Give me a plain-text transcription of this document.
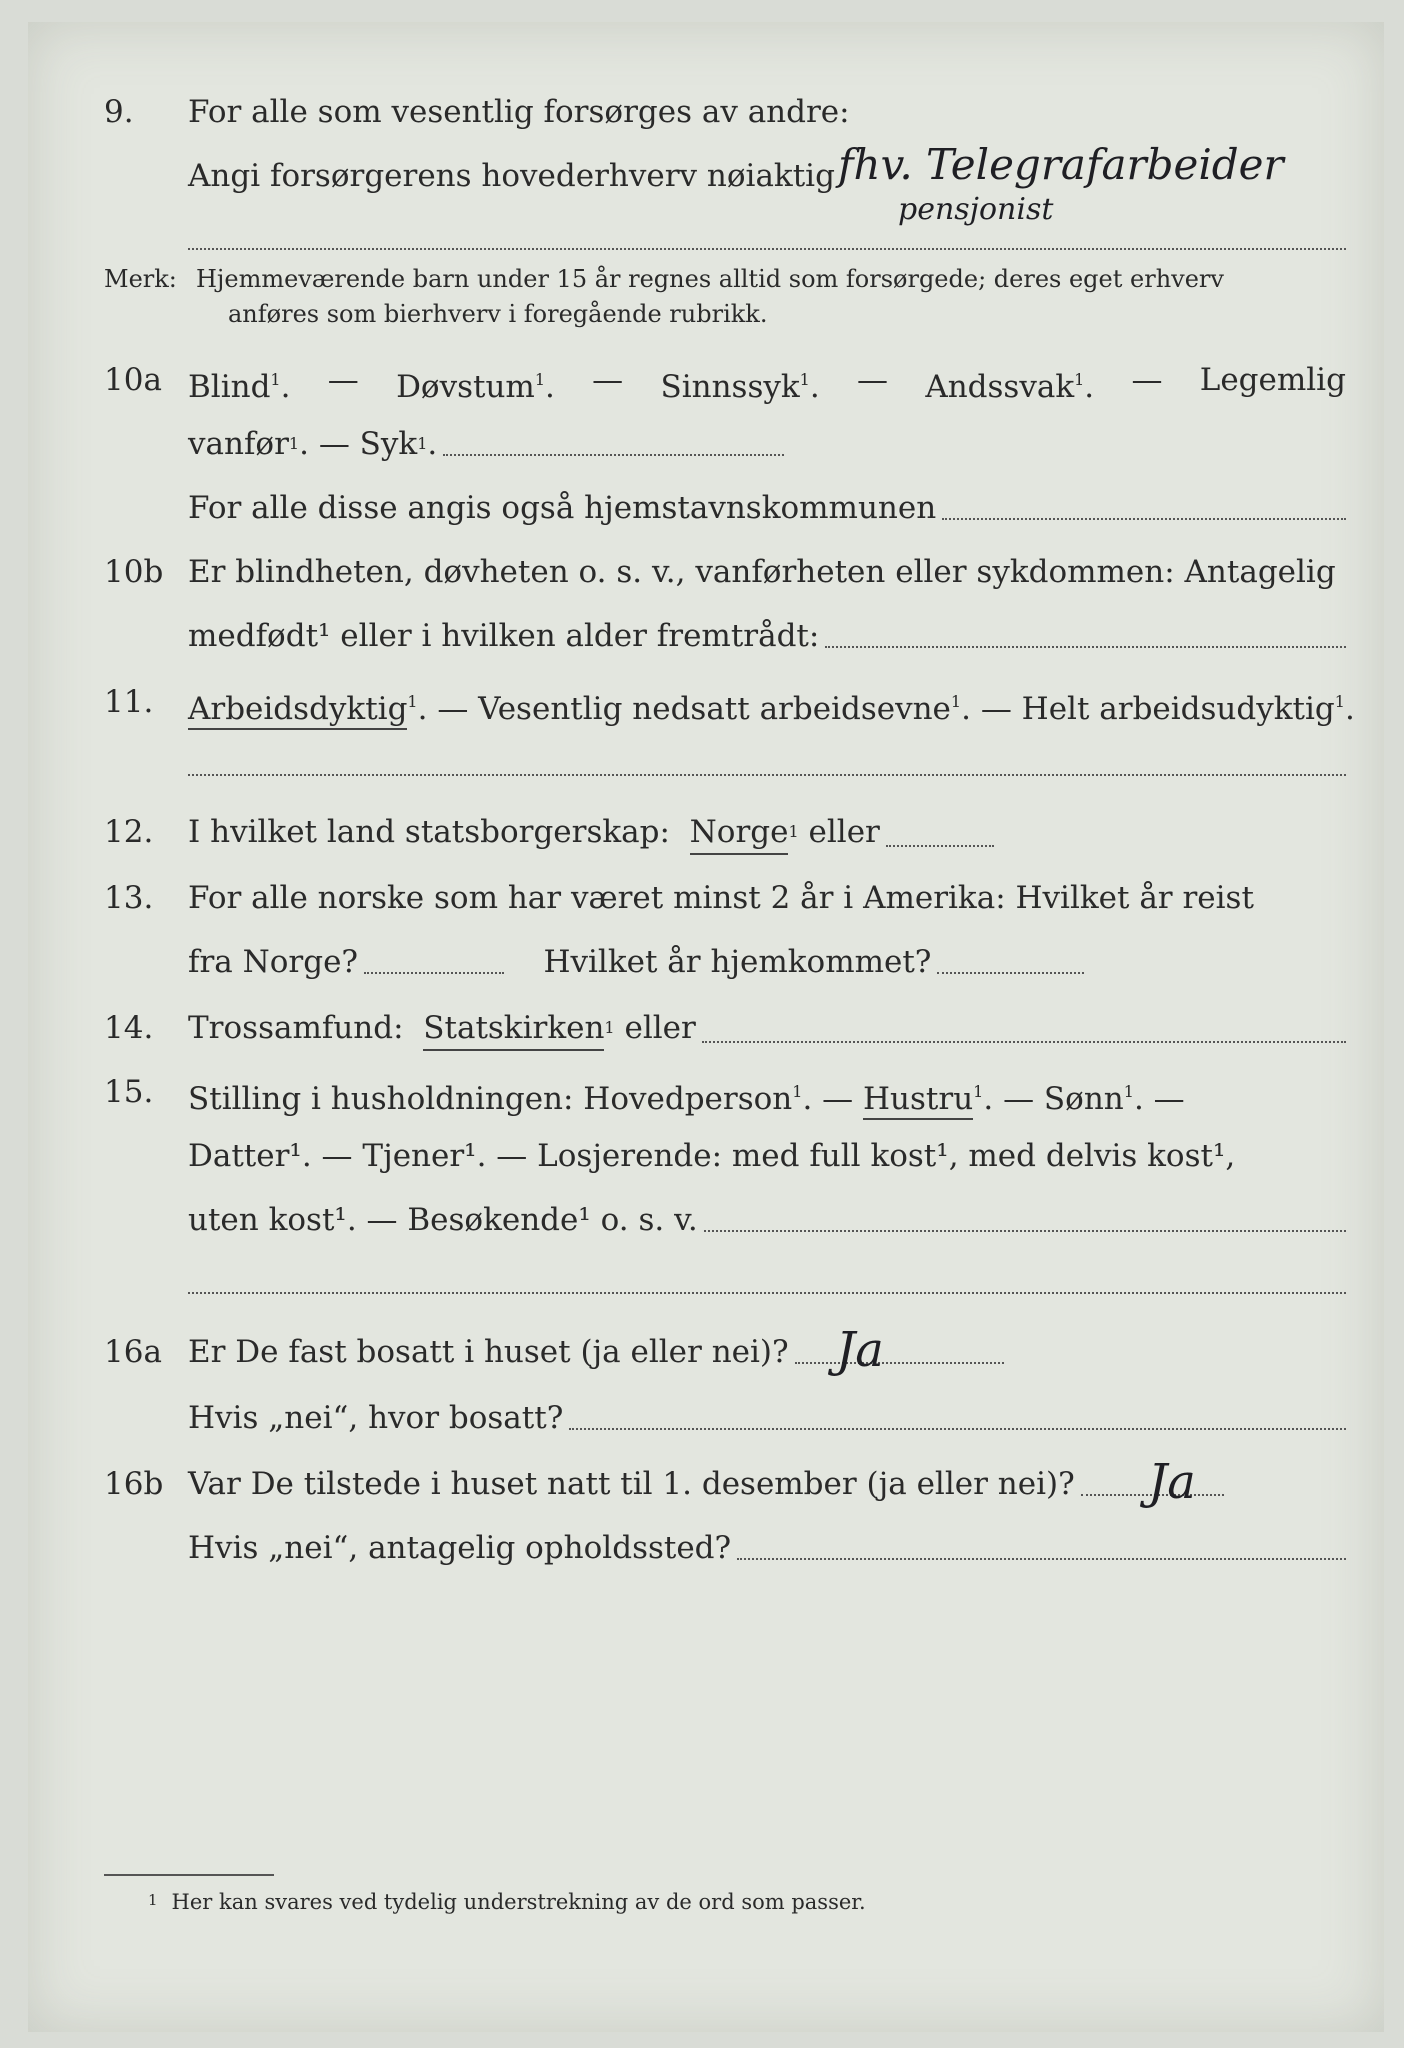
9. For alle som vesentlig forsørges av andre:
Angi forsørgerens hovederhverv nøiaktig fhv. Telegrafarbeider
pensjonist
Merk: Hjemmeværende barn under 15 år regnes alltid som forsørgede; deres eget erhverv
anføres som bierhverv i foregående rubrikk.
10a Blind$^1$. — Døvstum$^1$. — Sinnssyk$^1$. — Andssvak$^1$. — Legemlig
vanfør 1 . — Syk 1 .
For alle disse angis også hjemstavnskommunen
10b Er blindheten, døvheten o. s. v., vanførheten eller sykdommen: Antagelig
medfødt¹ eller i hvilken alder fremtrådt:
11. Arbeidsdyktig$^1$. — Vesentlig nedsatt arbeidsevne$^1$. — Helt arbeidsudyktig$^1$.
12. I hvilket land statsborgerskap:
Norge 1
eller
13. For alle norske som har været minst 2 år i Amerika: Hvilket år reist
fra Norge?
	Hvilket år hjemkommet?
14. Trossamfund:
Statskirken 1
eller
15. Stilling i husholdningen: Hovedperson$^1$. — Hustru$^1$. — Sønn$^1$. —
Datter¹. — Tjener¹. — Losjerende: med full kost¹, med delvis kost¹,
uten kost¹. — Besøkende¹ o. s. v.
16a Er De fast bosatt i huset (ja eller nei)? Ja
Hvis „nei“, hvor bosatt?
16b Var De tilstede i huset natt til 1. desember (ja eller nei)? Ja
Hvis „nei“, antagelig opholdssted?
1 Her kan svares ved tydelig understrekning av de ord som passer.
